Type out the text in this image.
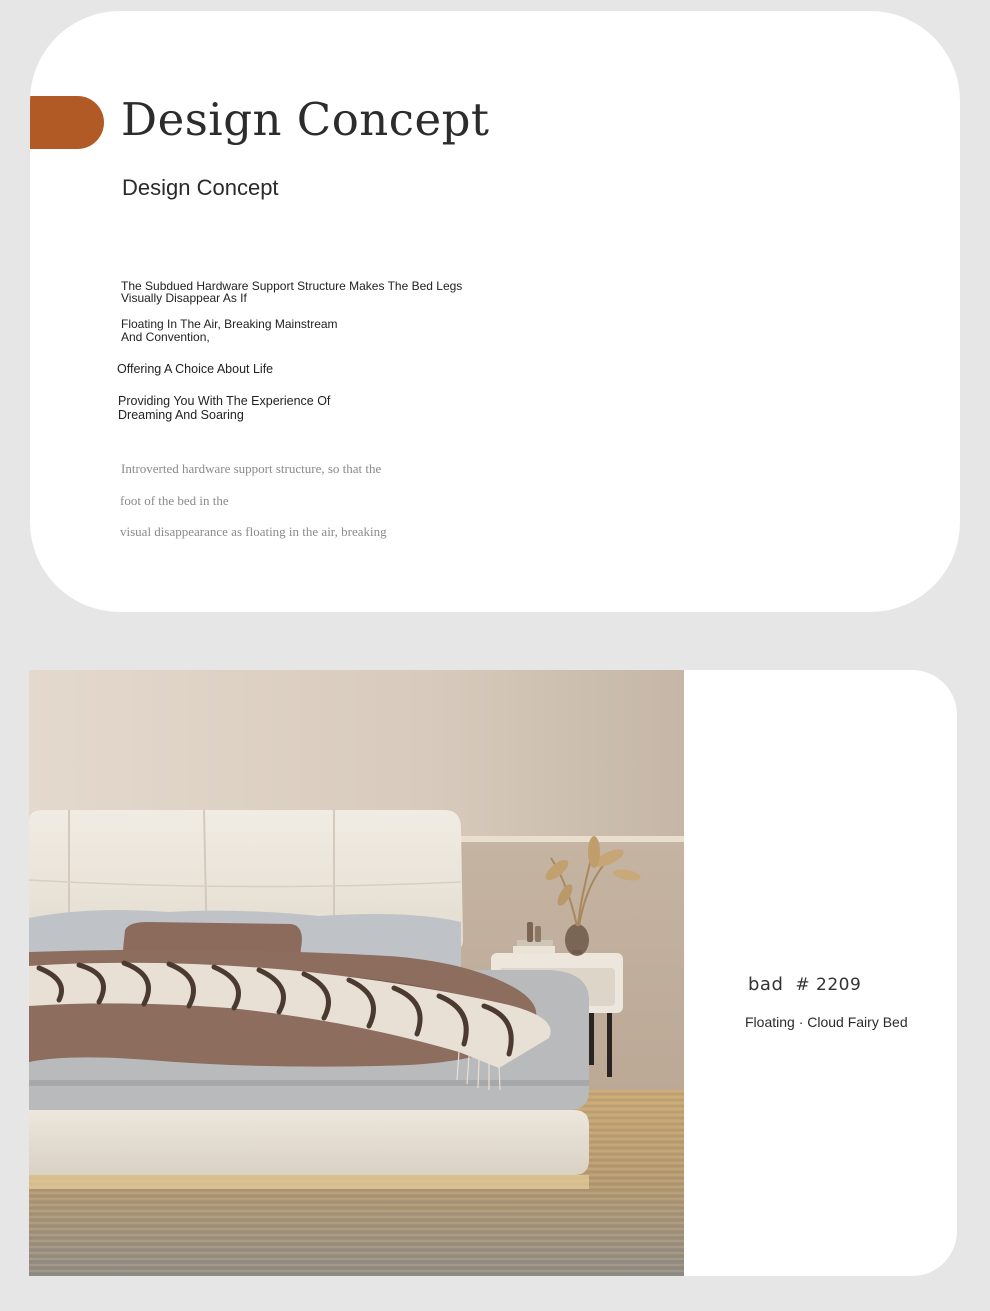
Design Concept
Design Concept

The Subdued Hardware Support Structure Makes The Bed Legs
Visually Disappear As If

Floating In The Air, Breaking Mainstream
And Convention,

Offering A Choice About Life

Providing You With The Experience Of
Dreaming And Soaring

Introverted hardware support structure, so that the

foot of the bed in the

visual disappearance as floating in the air, breaking

bad # 2209

Floating · Cloud Fairy Bed
